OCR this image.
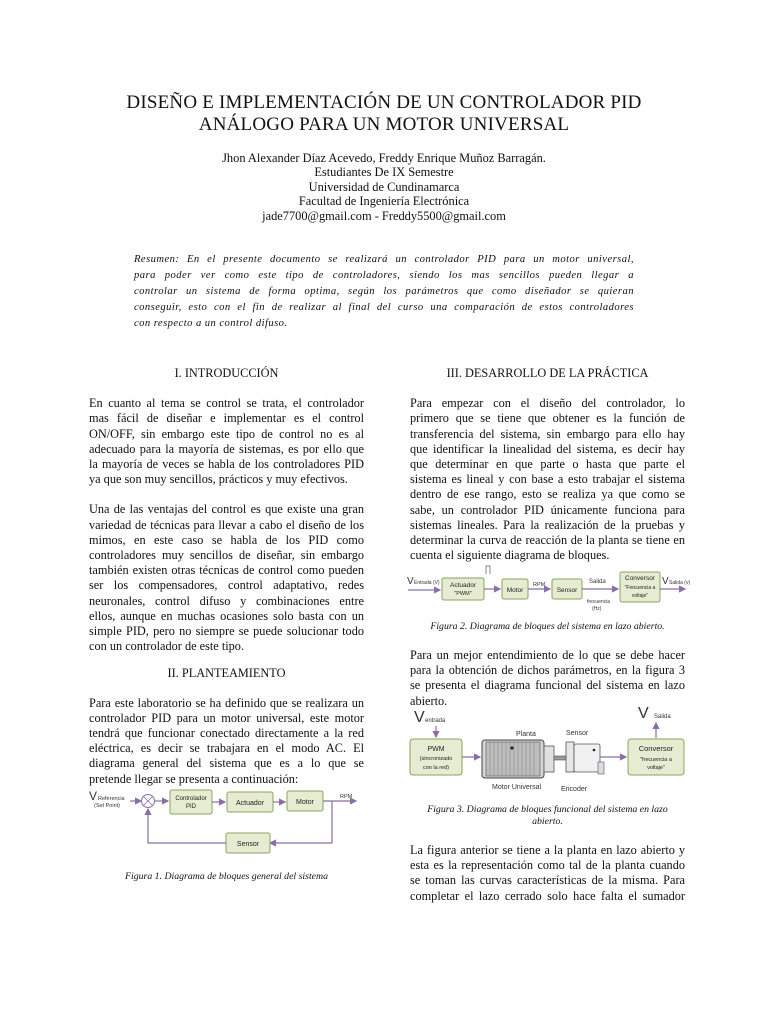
DISEÑO E IMPLEMENTACIÓN DE UN CONTROLADOR PID
ANÁLOGO PARA UN MOTOR UNIVERSAL
Jhon Alexander Díaz Acevedo, Freddy Enrique Muñoz Barragán.
Estudiantes De IX Semestre
Universidad de Cundinamarca
Facultad de Ingeniería Electrónica
jade7700@gmail.com - Freddy5500@gmail.com
Resumen: En el presente documento se realizará un controlador PID para un motor universal,
para poder ver como este tipo de controladores, siendo los mas sencillos pueden llegar a
controlar un sistema de forma optima, según los parámetros que como diseñador se quieran
conseguir, esto con el fin de realizar al final del curso una comparación de estos controladores
con respecto a un control difuso.
I. INTRODUCCIÓN
En cuanto al tema se control se trata, el controlador
mas fácil de diseñar e implementar es el control
ON/OFF, sin embargo este tipo de control no es al
adecuado para la mayoría de sistemas, es por ello que
la mayoría de veces se habla de los controladores PID
ya que son muy sencillos, prácticos y muy efectivos.
Una de las ventajas del control es que existe una gran
variedad de técnicas para llevar a cabo el diseño de los
mimos, en este caso se habla de los PID como
controladores muy sencillos de diseñar, sin embargo
también existen otras técnicas de control como pueden
ser los compensadores, control adaptativo, redes
neuronales, control difuso y combinaciones entre
ellos, aunque en muchas ocasiones solo basta con un
simple PID, pero no siempre se puede solucionar todo
con un controlador de este tipo.
II. PLANTEAMIENTO
Para este laboratorio se ha definido que se realizara un
controlador PID para un motor universal, este motor
tendrá que funcionar conectado directamente a la red
eléctrica, es decir se trabajara en el modo AC. El
diagrama general del sistema que es a lo que se
pretende llegar se presenta a continuación:
V Referencia
(Set Point)
Controlador
PID	Actuador	Motor
RPM
Sensor
Figura 1. Diagrama de bloques general del sistema
III. DESARROLLO DE LA PRÁCTICA
Para empezar con el diseño del controlador, lo
primero que se tiene que obtener es la función de
transferencia del sistema, sin embargo para ello hay
que identificar la linealidad del sistema, es decir hay
que determinar en que parte o hasta que parte el
sistema es lineal y con base a esto trabajar el sistema
dentro de ese rango, esto se realiza ya que como se
sabe, un controlador PID únicamente funciona para
sistemas lineales. Para la realización de la pruebas y
determinar la curva de reacción de la planta se tiene en
cuenta el siguiente diagrama de bloques.
V Entrada (V) Actuador
"PWM"	Motor
RPM
Sensor
Salida
frecuencia
(Hz)
Conversor
"Frecuencia a
voltaje"
V Salida (v)
Figura 2. Diagrama de bloques del sistema en lazo abierto.
Para un mejor entendimiento de lo que se debe hacer
para la obtención de dichos parámetros, en la figura 3
se presenta el diagrama funcional del sistema en lazo
abierto.
V entrada
PWM
(sincronizado
con la red)
Planta	Sensor
V Salida
Conversor
"frecuencia a
voltaje"
Motor Universal	Encoder
Figura 3. Diagrama de bloques funcional del sistema en lazo
abierto.
La figura anterior se tiene a la planta en lazo abierto y
esta es la representación como tal de la planta cuando
se toman las curvas características de la misma. Para
completar el lazo cerrado solo hace falta el sumador
